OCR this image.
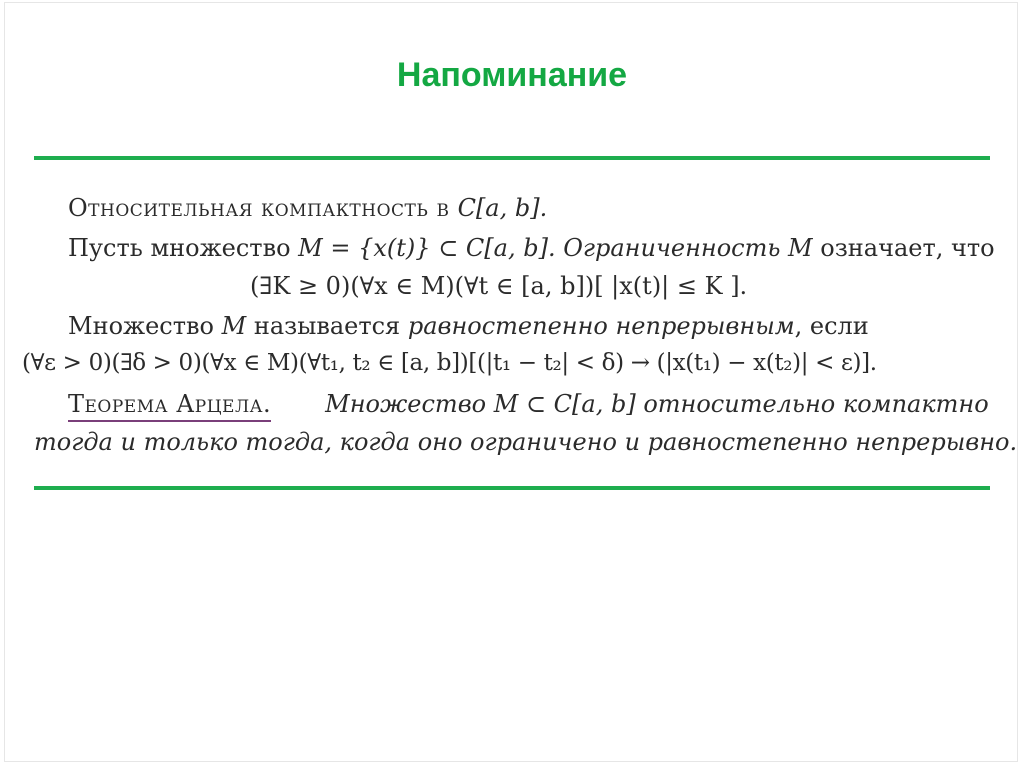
Напоминание
Относительная компактность в C[a, b].
Пусть множество M = {x(t)} ⊂ C[a, b]. Ограниченность M означает, что
(∃K ≥ 0)(∀x ∈ M)(∀t ∈ [a, b])[ |x(t)| ≤ K ].
Множество M называется равностепенно непрерывным, если
(∀ε > 0)(∃δ > 0)(∀x ∈ M)(∀t₁, t₂ ∈ [a, b])[(|t₁ − t₂| < δ) → (|x(t₁) − x(t₂)| < ε)].
Теорема Арцела. Множество M ⊂ C[a, b] относительно компактно
тогда и только тогда, когда оно ограничено и равностепенно непрерывно.
